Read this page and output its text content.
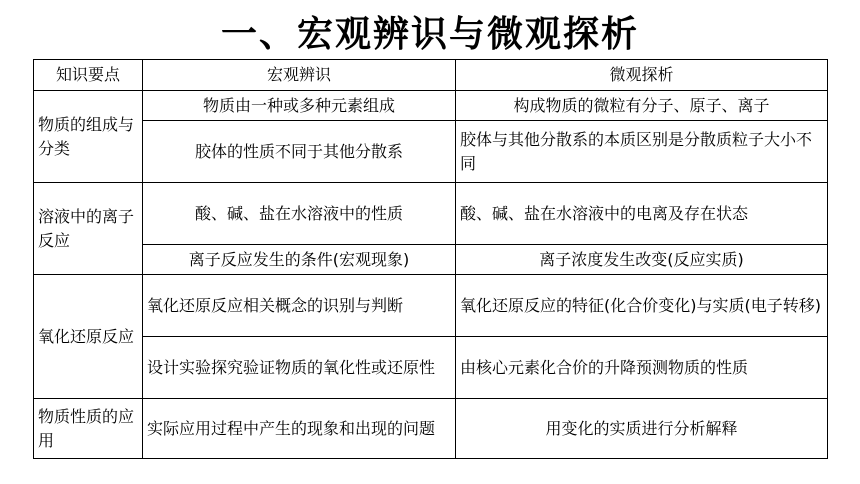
一、宏观辨识与微观探析
知识要点	宏观辨识	微观探析
物质的组成与分类	物质由一种或多种元素组成	构成物质的微粒有分子、原子、离子
	胶体的性质不同于其他分散系	胶体与其他分散系的本质区别是分散质粒子大小不同
溶液中的离子反应	酸、碱、盐在水溶液中的性质	酸、碱、盐在水溶液中的电离及存在状态
	离子反应发生的条件(宏观现象)	离子浓度发生改变(反应实质)
氧化还原反应	氧化还原反应相关概念的识别与判断	氧化还原反应的特征(化合价变化)与实质(电子转移)
	设计实验探究验证物质的氧化性或还原性	由核心元素化合价的升降预测物质的性质
物质性质的应用	实际应用过程中产生的现象和出现的问题	用变化的实质进行分析解释
